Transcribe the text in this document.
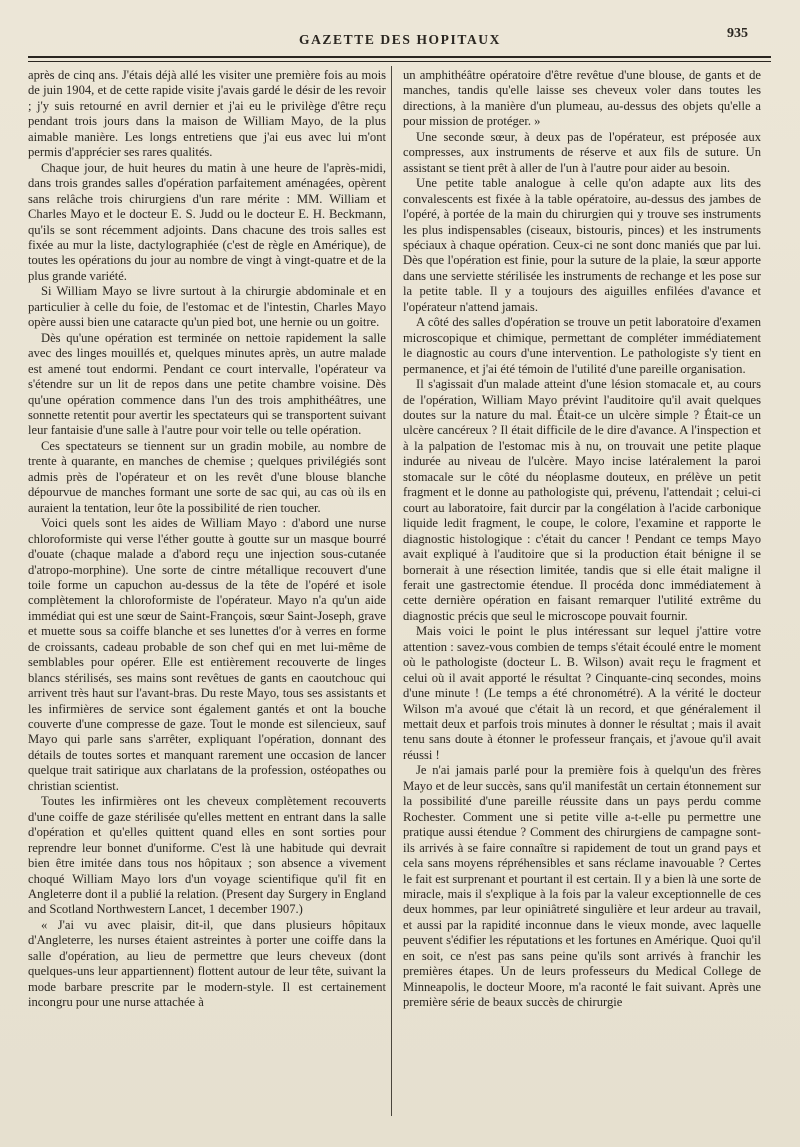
GAZETTE DES HOPITAUX	935

après de cinq ans. J'étais déjà allé les visiter une première fois au mois de juin 1904, et de cette rapide visite j'avais gardé le désir de les revoir ; j'y suis retourné en avril dernier et j'ai eu le privilège d'être reçu pendant trois jours dans la maison de William Mayo, de la plus aimable manière. Les longs entretiens que j'ai eus avec lui m'ont permis d'apprécier ses rares qualités.

Chaque jour, de huit heures du matin à une heure de l'après-midi, dans trois grandes salles d'opération parfaitement aménagées, opèrent sans relâche trois chirurgiens d'un rare mérite : MM. William et Charles Mayo et le docteur E. S. Judd ou le docteur E. H. Beckmann, qu'ils se sont récemment adjoints. Dans chacune des trois salles est fixée au mur la liste, dactylographiée (c'est de règle en Amérique), de toutes les opérations du jour au nombre de vingt à vingt-quatre et de la plus grande variété.

Si William Mayo se livre surtout à la chirurgie abdominale et en particulier à celle du foie, de l'estomac et de l'intestin, Charles Mayo opère aussi bien une cataracte qu'un pied bot, une hernie ou un goitre.

Dès qu'une opération est terminée on nettoie rapidement la salle avec des linges mouillés et, quelques minutes après, un autre malade est amené tout endormi. Pendant ce court intervalle, l'opérateur va s'étendre sur un lit de repos dans une petite chambre voisine. Dès qu'une opération commence dans l'un des trois amphithéâtres, une sonnette retentit pour avertir les spectateurs qui se transportent suivant leur fantaisie d'une salle à l'autre pour voir telle ou telle opération.

Ces spectateurs se tiennent sur un gradin mobile, au nombre de trente à quarante, en manches de chemise ; quelques privilégiés sont admis près de l'opérateur et on les revêt d'une blouse blanche dépourvue de manches formant une sorte de sac qui, au cas où ils en auraient la tentation, leur ôte la possibilité de rien toucher.

Voici quels sont les aides de William Mayo : d'abord une nurse chloroformiste qui verse l'éther goutte à goutte sur un masque bourré d'ouate (chaque malade a d'abord reçu une injection sous-cutanée d'atropo-morphine). Une sorte de cintre métallique recouvert d'une toile forme un capuchon au-dessus de la tête de l'opéré et isole complètement la chloroformiste de l'opérateur. Mayo n'a qu'un aide immédiat qui est une sœur de Saint-François, sœur Saint-Joseph, grave et muette sous sa coiffe blanche et ses lunettes d'or à verres en forme de croissants, cadeau probable de son chef qui en met lui-même de semblables pour opérer. Elle est entièrement recouverte de linges blancs stérilisés, ses mains sont revêtues de gants en caoutchouc qui arrivent très haut sur l'avant-bras. Du reste Mayo, tous ses assistants et les infirmières de service sont également gantés et ont la bouche couverte d'une compresse de gaze. Tout le monde est silencieux, sauf Mayo qui parle sans s'arrêter, expliquant l'opération, donnant des détails de toutes sortes et manquant rarement une occasion de lancer quelque trait satirique aux charlatans de la profession, ostéopathes ou christian scientist.

Toutes les infirmières ont les cheveux complètement recouverts d'une coiffe de gaze stérilisée qu'elles mettent en entrant dans la salle d'opération et qu'elles quittent quand elles en sont sorties pour reprendre leur bonnet d'uniforme. C'est là une habitude qui devrait bien être imitée dans tous nos hôpitaux ; son absence a vivement choqué William Mayo lors d'un voyage scientifique qu'il fit en Angleterre dont il a publié la relation. (Present day Surgery in England and Scotland Northwestern Lancet, 1 december 1907.)

« J'ai vu avec plaisir, dit-il, que dans plusieurs hôpitaux d'Angleterre, les nurses étaient astreintes à porter une coiffe dans la salle d'opération, au lieu de permettre que leurs cheveux (dont quelques-uns leur appartiennent) flottent autour de leur tête, suivant la mode barbare prescrite par le modern-style. Il est certainement incongru pour une nurse attachée à

un amphithéâtre opératoire d'être revêtue d'une blouse, de gants et de manches, tandis qu'elle laisse ses cheveux voler dans toutes les directions, à la manière d'un plumeau, au-dessus des objets qu'elle a pour mission de protéger. »

Une seconde sœur, à deux pas de l'opérateur, est préposée aux compresses, aux instruments de réserve et aux fils de suture. Un assistant se tient prêt à aller de l'un à l'autre pour aider au besoin.

Une petite table analogue à celle qu'on adapte aux lits des convalescents est fixée à la table opératoire, au-dessus des jambes de l'opéré, à portée de la main du chirurgien qui y trouve ses instruments les plus indispensables (ciseaux, bistouris, pinces) et les instruments spéciaux à chaque opération. Ceux-ci ne sont donc maniés que par lui. Dès que l'opération est finie, pour la suture de la plaie, la sœur apporte dans une serviette stérilisée les instruments de rechange et les pose sur la petite table. Il y a toujours des aiguilles enfilées d'avance et l'opérateur n'attend jamais.

A côté des salles d'opération se trouve un petit laboratoire d'examen microscopique et chimique, permettant de compléter immédiatement le diagnostic au cours d'une intervention. Le pathologiste s'y tient en permanence, et j'ai été témoin de l'utilité d'une pareille organisation.

Il s'agissait d'un malade atteint d'une lésion stomacale et, au cours de l'opération, William Mayo prévint l'auditoire qu'il avait quelques doutes sur la nature du mal. Était-ce un ulcère simple ? Était-ce un ulcère cancéreux ? Il était difficile de le dire d'avance. A l'inspection et à la palpation de l'estomac mis à nu, on trouvait une petite plaque indurée au niveau de l'ulcère. Mayo incise latéralement la paroi stomacale sur le côté du néoplasme douteux, en prélève un petit fragment et le donne au pathologiste qui, prévenu, l'attendait ; celui-ci court au laboratoire, fait durcir par la congélation à l'acide carbonique liquide ledit fragment, le coupe, le colore, l'examine et rapporte le diagnostic histologique : c'était du cancer ! Pendant ce temps Mayo avait expliqué à l'auditoire que si la production était bénigne il se bornerait à une résection limitée, tandis que si elle était maligne il ferait une gastrectomie étendue. Il procéda donc immédiatement à cette dernière opération en faisant remarquer l'utilité extrême du diagnostic précis que seul le microscope pouvait fournir.

Mais voici le point le plus intéressant sur lequel j'attire votre attention : savez-vous combien de temps s'était écoulé entre le moment où le pathologiste (docteur L. B. Wilson) avait reçu le fragment et celui où il avait apporté le résultat ? Cinquante-cinq secondes, moins d'une minute ! (Le temps a été chronométré). A la vérité le docteur Wilson m'a avoué que c'était là un record, et que généralement il mettait deux et parfois trois minutes à donner le résultat ; mais il avait tenu sans doute à étonner le professeur français, et j'avoue qu'il avait réussi !

Je n'ai jamais parlé pour la première fois à quelqu'un des frères Mayo et de leur succès, sans qu'il manifestât un certain étonnement sur la possibilité d'une pareille réussite dans un pays perdu comme Rochester. Comment une si petite ville a-t-elle pu permettre une pratique aussi étendue ? Comment des chirurgiens de campagne sont-ils arrivés à se faire connaître si rapidement de tout un grand pays et cela sans moyens répréhensibles et sans réclame inavouable ? Certes le fait est surprenant et pourtant il est certain. Il y a bien là une sorte de miracle, mais il s'explique à la fois par la valeur exceptionnelle de ces deux hommes, par leur opiniâtreté singulière et leur ardeur au travail, et aussi par la rapidité inconnue dans le vieux monde, avec laquelle peuvent s'édifier les réputations et les fortunes en Amérique. Quoi qu'il en soit, ce n'est pas sans peine qu'ils sont arrivés à franchir les premières étapes. Un de leurs professeurs du Medical College de Minneapolis, le docteur Moore, m'a raconté le fait suivant. Après une première série de beaux succès de chirurgie
